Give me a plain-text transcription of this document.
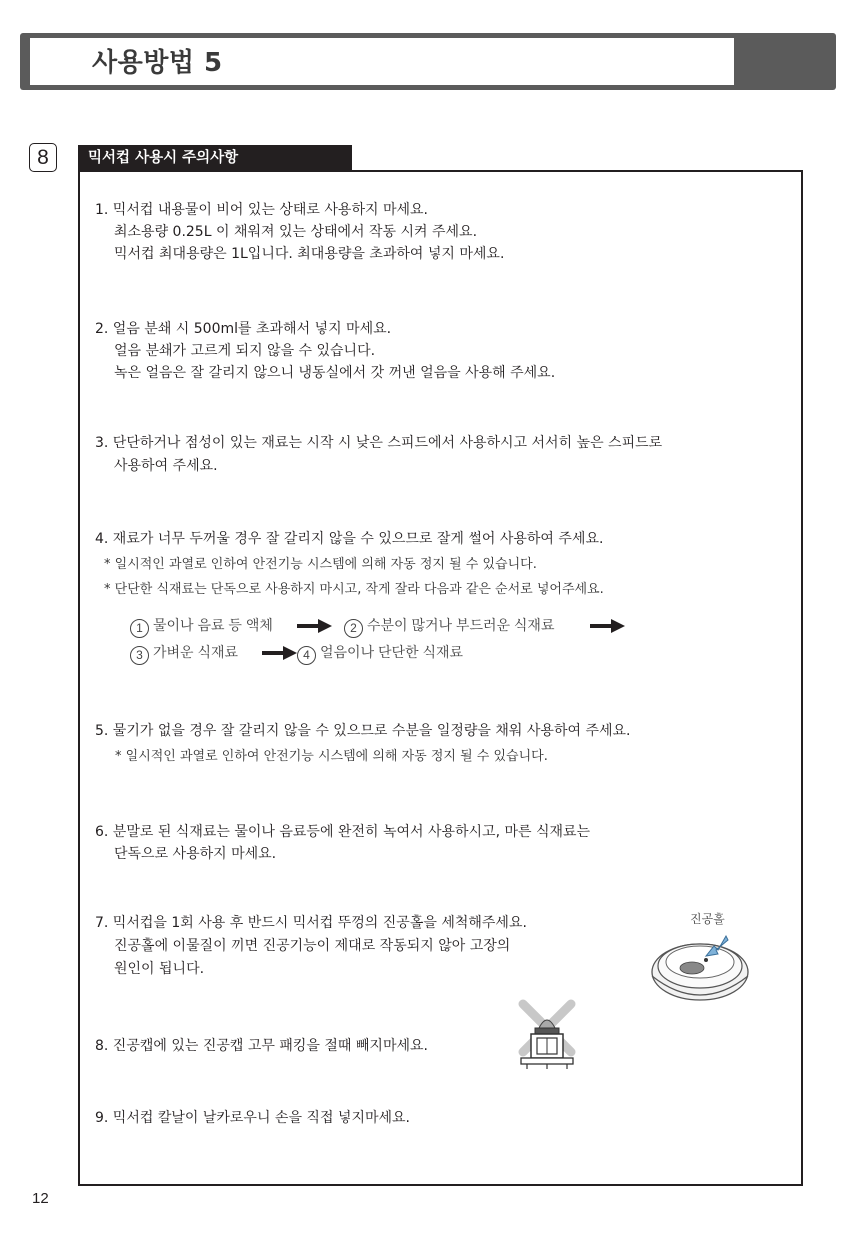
사용방법 5
8	믹서컵 사용시 주의사항
1. 믹서컵 내용물이 비어 있는 상태로 사용하지 마세요.
최소용량 0.25L 이 채워져 있는 상태에서 작동 시켜 주세요.
믹서컵 최대용량은 1L입니다. 최대용량을 초과하여 넣지 마세요.
2. 얼음 분쇄 시 500ml를 초과해서 넣지 마세요.
얼음 분쇄가 고르게 되지 않을 수 있습니다.
녹은 얼음은 잘 갈리지 않으니 냉동실에서 갓 꺼낸 얼음을 사용해 주세요.
3. 단단하거나 점성이 있는 재료는 시작 시 낮은 스피드에서 사용하시고 서서히 높은 스피드로
사용하여 주세요.
4. 재료가 너무 두꺼울 경우 잘 갈리지 않을 수 있으므로 잘게 썰어 사용하여 주세요.
* 일시적인 과열로 인하여 안전기능 시스템에 의해 자동 정지 될 수 있습니다.
* 단단한 식재료는 단독으로 사용하지 마시고, 작게 잘라 다음과 같은 순서로 넣어주세요.
1 물이나 음료 등 액체	2 수분이 많거나 부드러운 식재료
3 가벼운 식재료	4 얼음이나 단단한 식재료
5. 물기가 없을 경우 잘 갈리지 않을 수 있으므로 수분을 일정량을 채워 사용하여 주세요.
* 일시적인 과열로 인하여 안전기능 시스템에 의해 자동 정지 될 수 있습니다.
6. 분말로 된 식재료는 물이나 음료등에 완전히 녹여서 사용하시고, 마른 식재료는
단독으로 사용하지 마세요.
7. 믹서컵을 1회 사용 후 반드시 믹서컵 뚜껑의 진공홀을 세척해주세요.
진공홀에 이물질이 끼면 진공기능이 제대로 작동되지 않아 고장의
원인이 됩니다.
진공홀
8. 진공캡에 있는 진공캡 고무 패킹을 절때 빼지마세요.
9. 믹서컵 칼날이 날카로우니 손을 직접 넣지마세요.
12
